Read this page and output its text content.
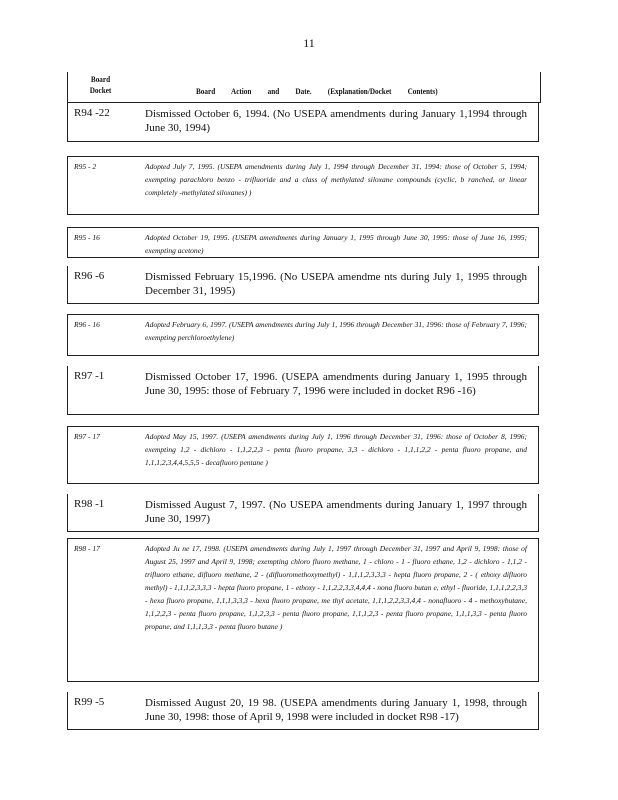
11
Board
Docket	Board Action and Date. (Explanation/Docket Contents)
R94 -22	Dismissed October 6, 1994. (No USEPA amendments during January 1,1994 through June 30, 1994)
R95 - 2	Adopted July 7, 1995. (USEPA amendments during July 1, 1994 through December 31, 1994: those of October 5, 1994; exempting parachloro benzo - trifluoride and a class of methylated siloxane compounds (cyclic, b ranched, or linear completely -methylated siloxanes) )
R95 - 16	Adopted October 19, 1995. (USEPA amendments during January 1, 1995 through June 30, 1995: those of June 16, 1995; exempting acetone)
R96 -6	Dismissed February 15,1996. (No USEPA amendme nts during July 1, 1995 through December 31, 1995)
R96 - 16	Adopted February 6, 1997. (USEPA amendments during July 1, 1996 through December 31, 1996: those of February 7, 1996; exempting perchloroethylene)
R97 -1	Dismissed October 17, 1996. (USEPA amendments during January 1, 1995 through June 30, 1995: those of February 7, 1996 were included in docket R96 -16)
R97 - 17	Adopted May 15, 1997. (USEPA amendments during July 1, 1996 through December 31, 1996: those of October 8, 1996; exempting 1,2 - dichloro - 1,1,2,2,3 - penta fluoro propane, 3,3 - dichloro - 1,1,1,2,2 - penta fluoro propane, and 1,1,1,2,3,4,4,5,5,5 - decafluoro pentane )
R98 -1	Dismissed August 7, 1997. (No USEPA amendments during January 1, 1997 through June 30, 1997)
R98 - 17	Adopted Ju ne 17, 1998. (USEPA amendments during July 1, 1997 through December 31, 1997 and April 9, 1998: those of August 25, 1997 and April 9, 1998; exempting chloro fluoro methane, 1 - chloro - 1 - fluoro ethane, 1,2 - dichloro - 1,1,2 - trifluoro ethane, difluoro methane, 2 - (difluoromethoxymethyl) - 1,1,1,2,3,3,3 - hepta fluoro propane, 2 - ( ethoxy difluoro methyl) - 1,1,1,2,3,3,3 - hepta fluoro propane, 1 - ethoxy - 1,1,2,2,3,3,4,4,4 - nona fluoro butan e, ethyl - fluoride, 1,1,1,2,2,3,3 - hexa fluoro propane, 1,1,1,3,3,3 - hexa fluoro propane, me thyl acetate, 1,1,1,2,2,3,3,4,4 - nonafluoro - 4 - methoxybutane, 1,1,2,2,3 - penta fluoro propane, 1,1,2,3,3 - penta fluoro propane, 1,1,1,2,3 - penta fluoro propane, 1,1,1,3,3 - penta fluoro propane, and 1,1,1,3,3 - penta fluoro butane )
R99 -5	Dismissed August 20, 19 98. (USEPA amendments during January 1, 1998, through June 30, 1998: those of April 9, 1998 were included in docket R98 -17)
